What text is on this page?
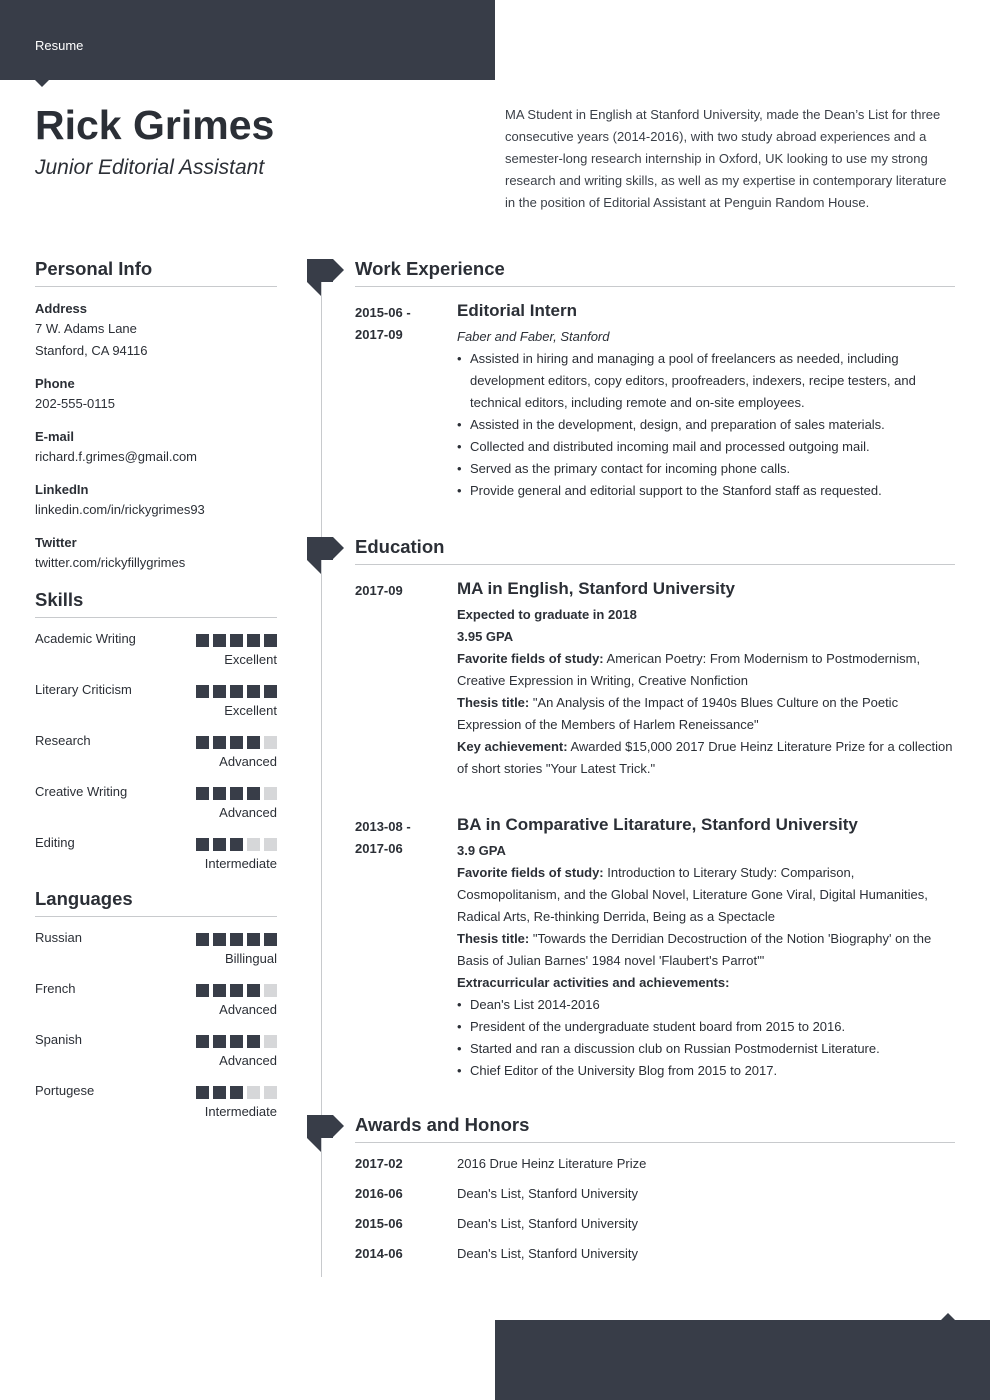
Resume
Rick Grimes
Junior Editorial Assistant

MA Student in English at Stanford University, made the Dean’s List for three consecutive years (2014-2016), with two study abroad experiences and a semester-long research internship in Oxford, UK looking to use my strong research and writing skills, as well as my expertise in contemporary literature in the position of Editorial Assistant at Penguin Random House.

Personal Info
Address
7 W. Adams Lane
Stanford, CA 94116
Phone
202-555-0115
E-mail
richard.f.grimes@gmail.com
LinkedIn
linkedin.com/in/rickygrimes93
Twitter
twitter.com/rickyfillygrimes
Skills
Academic Writing
Excellent
Literary Criticism
Excellent
Research
Advanced
Creative Writing
Advanced
Editing
Intermediate
Languages
Russian
Billingual
French
Advanced
Spanish
Advanced
Portugese
Intermediate
Work Experience
2015-06 -
2017-09
Editorial Intern
Faber and Faber, Stanford
• Assisted in hiring and managing a pool of freelancers as needed, including development editors, copy editors, proofreaders, indexers, recipe testers, and technical editors, including remote and on-site employees.
• Assisted in the development, design, and preparation of sales materials.
• Collected and distributed incoming mail and processed outgoing mail.
• Served as the primary contact for incoming phone calls.
• Provide general and editorial support to the Stanford staff as requested.
Education
2017-09	MA in English, Stanford University
Expected to graduate in 2018
3.95 GPA
Favorite fields of study: American Poetry: From Modernism to Postmodernism, Creative Expression in Writing, Creative Nonfiction
Thesis title: "An Analysis of the Impact of 1940s Blues Culture on the Poetic Expression of the Members of Harlem Reneissance"
Key achievement: Awarded $15,000 2017 Drue Heinz Literature Prize for a collection of short stories "Your Latest Trick."
2013-08 -
2017-06
BA in Comparative Litarature, Stanford University
3.9 GPA
Favorite fields of study: Introduction to Literary Study: Comparison, Cosmopolitanism, and the Global Novel, Literature Gone Viral, Digital Humanities, Radical Arts, Re-thinking Derrida, Being as a Spectacle
Thesis title: "Towards the Derridian Decostruction of the Notion 'Biography' on the Basis of Julian Barnes' 1984 novel 'Flaubert's Parrot'"
Extracurricular activities and achievements:
• Dean's List 2014-2016
• President of the undergraduate student board from 2015 to 2016.
• Started and ran a discussion club on Russian Postmodernist Literature.
• Chief Editor of the University Blog from 2015 to 2017.
Awards and Honors
2017-02	2016 Drue Heinz Literature Prize
2016-06	Dean's List, Stanford University
2015-06	Dean's List, Stanford University
2014-06	Dean's List, Stanford University
